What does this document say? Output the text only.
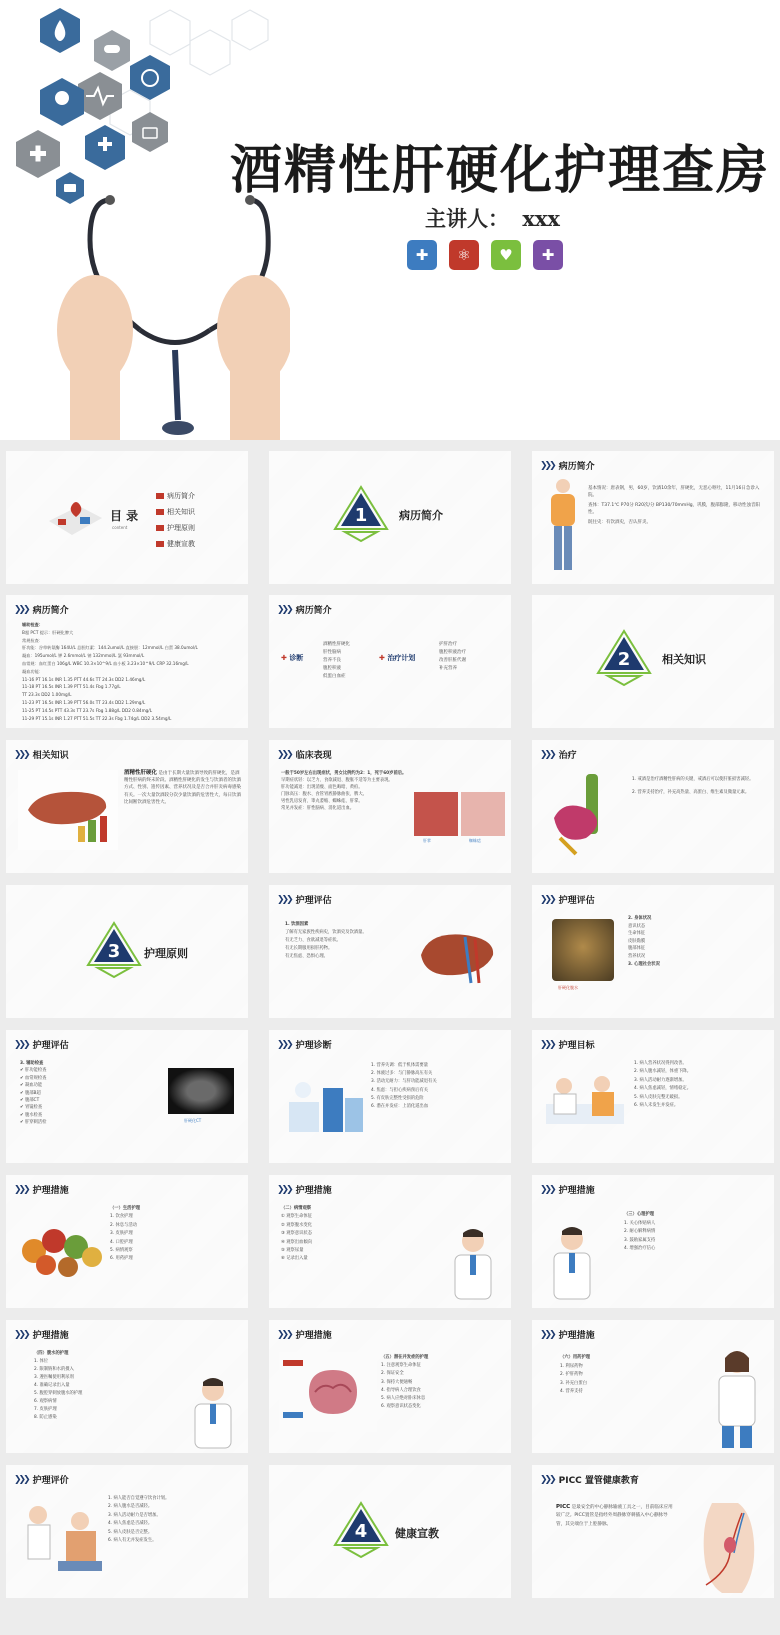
酒精性肝硬化护理查房
主讲人： xxx
✚	⚛	♥	✚
目 录
content
病历简介
相关知识
护理原则
健康宣教
1	病历简介
❯❯❯ 病历简介
基本情况：唐表钢，男，60岁，饮酒10余年，肝硬化，无恶心呕吐，11月16日急诊入院。
查体：T37.1℃ P70分 R20次/分 BP130/70mmHg，巩膜，腹部膨隆，移动性浊音阳性。
既往史：有饮酒史，否认肝炎。
❯❯❯ 病历简介
辅助检查：
B超 PCT 提示：肝硬化脾大
常规检查：
肝功能：谷草转氨酶 164U/L 总胆红素：144.2umol/L 直接胆：12mmol/L 白蛋 38.0umol/L
凝血：195umol/L 钾 2.6mmol/L 钠 132mmol/L 氯 93mmol/L
血常规：血红蛋白 106g/L WBC 10.3×10^9/L 血小板 3.23×10^9/L CRP 32.16mg/L
凝血功能：
11-16 PT 16.1s INR 1.35 PTT 44.6s TT 24.3s DD2 1.46mg/L
11-18 PT 16.5s INR 1.39 PTT 51.4s Fbg 1.77g/L
TT 23.3s DD2 1.00mg/L
11-23 PT 16.5s INR 1.39 PTT 56.0s TT 23.4s DD2 1.29mg/L
11-25 PT 14.5s PTT 43.3s TT 23.7s Fbg 1.88g/L DD2 0.84mg/L
11-29 PT 15.1s INR 1.27 PTT 51.5s TT 22.3s Fbg 1.74g/L DD2 3.54mg/L
❯❯❯ 病历简介
✚ 诊断
酒精性肝硬化
肝性脑病
营养不良
腹腔积液
低蛋白血症
✚ 治疗计划
护肝治疗
腹腔积液治疗
改善肝脏代谢
补充营养	2	相关知识
❯❯❯ 相关知识
酒精性肝硬化 是由于长期大量饮酒导致的肝硬化，是酒精性肝病的终末阶段。酒精性肝硬化的发生与饮酒者的饮酒方式、性别、遗传因素、营养状况及是否合并肝炎病毒感染有关。一次大量饮酒较分次少量饮酒的危害性大，每日饮酒比间断饮酒危害性大。
❯❯❯ 临床表现
一般于50岁左右出现症状，男女比例约为2：1，死于60岁前后。
早期症状轻：以乏力、食欲减退、腹胀不适等为主要表现。
肝功能减退：出现消瘦、面色晦暗、黄疸。
门脉高压：腹水、食管胃底静脉曲张、脾大。
男性乳房发育、睾丸萎缩、蜘蛛痣、肝掌。
常见并发症：肝性脑病、消化道出血。
肝掌	蜘蛛痣
❯❯❯ 治疗
1. 戒酒是治疗酒精性肝病的关键，戒酒后可以使肝脏损害减轻。
2. 营养支持治疗，补充高热量、高蛋白、维生素及微量元素。
3 护理原则
❯❯❯ 护理评估
1. 饮酒因素
了解有无家族性疾病史，饮酒史及饮酒量。
有无乏力、食欲减退等症状。
有无长期服用损肝药物。
有无焦虑、恐惧心理。
❯❯❯ 护理评估
肝硬化腹水
2. 身体状况
意识状态
生命体征
皮肤黏膜
腹部体征
营养状况
3. 心理社会状况
❯❯❯ 护理评估
3. 辅助检查
✔ 肝功能检查
✔ 血常规检查
✔ 凝血功能
✔ 腹部B超
✔ 腹部CT
✔ 胃镜检查
✔ 腹水检查
✔ 肝穿刺活检	肝硬化CT
❯❯❯ 护理诊断
1. 营养失调：低于机体需要量
2. 体液过多：与门静脉高压有关
3. 活动无耐力：与肝功能减退有关
4. 焦虑：与担心疾病预后有关
5. 有皮肤完整性受损的危险
6. 潜在并发症：上消化道出血
❯❯❯ 护理目标
1. 病人营养状况得到改善。
2. 病人腹水减轻，体重下降。
3. 病人活动耐力逐渐增加。
4. 病人焦虑减轻，情绪稳定。
5. 病人皮肤完整无破损。
6. 病人未发生并发症。
❯❯❯ 护理措施
（一）生活护理
1. 饮食护理
2. 休息与活动
3. 皮肤护理
4. 口腔护理
5. 病情观察
6. 用药护理
❯❯❯ 护理措施
（二）病情观察
① 观察生命体征
② 观察腹水变化
③ 观察意识状态
④ 观察出血倾向
⑤ 观察尿量
⑥ 记录出入量
❯❯❯ 护理措施
（三）心理护理
1. 关心体贴病人
2. 耐心解释病情
3. 鼓励家属支持
4. 增强治疗信心
❯❯❯ 护理措施
（四）腹水的护理
1. 体位
2. 限制钠和水的摄入
3. 遵医嘱使用利尿剂
4. 准确记录出入量
5. 腹腔穿刺放腹水的护理
6. 观察病情
7. 皮肤护理
8. 防止感染
❯❯❯ 护理措施
（五）潜在并发症的护理
1. 注意观察生命体征
2. 保证安全
3. 保持大便通畅
4. 指导病人合理饮食
5. 病人应绝对卧床休息
6. 观察意识状态变化
❯❯❯ 护理措施
（六）用药护理
1. 利尿药物
2. 护肝药物
3. 补充白蛋白
4. 营养支持
❯❯❯ 护理评价
1. 病人能否自觉遵守饮食计划。
2. 病人腹水是否减轻。
3. 病人活动耐力是否增加。
4. 病人焦虑是否减轻。
5. 病人皮肤是否完整。
6. 病人有无并发症发生。	4	健康宣教
❯❯❯ PICC 置管健康教育
PICC 是最安全的中心静脉输液工具之一，目前临床应用较广泛。PICC置管是指经外周静脉穿刺插入中心静脉导管，其尖端位于上腔静脉。
